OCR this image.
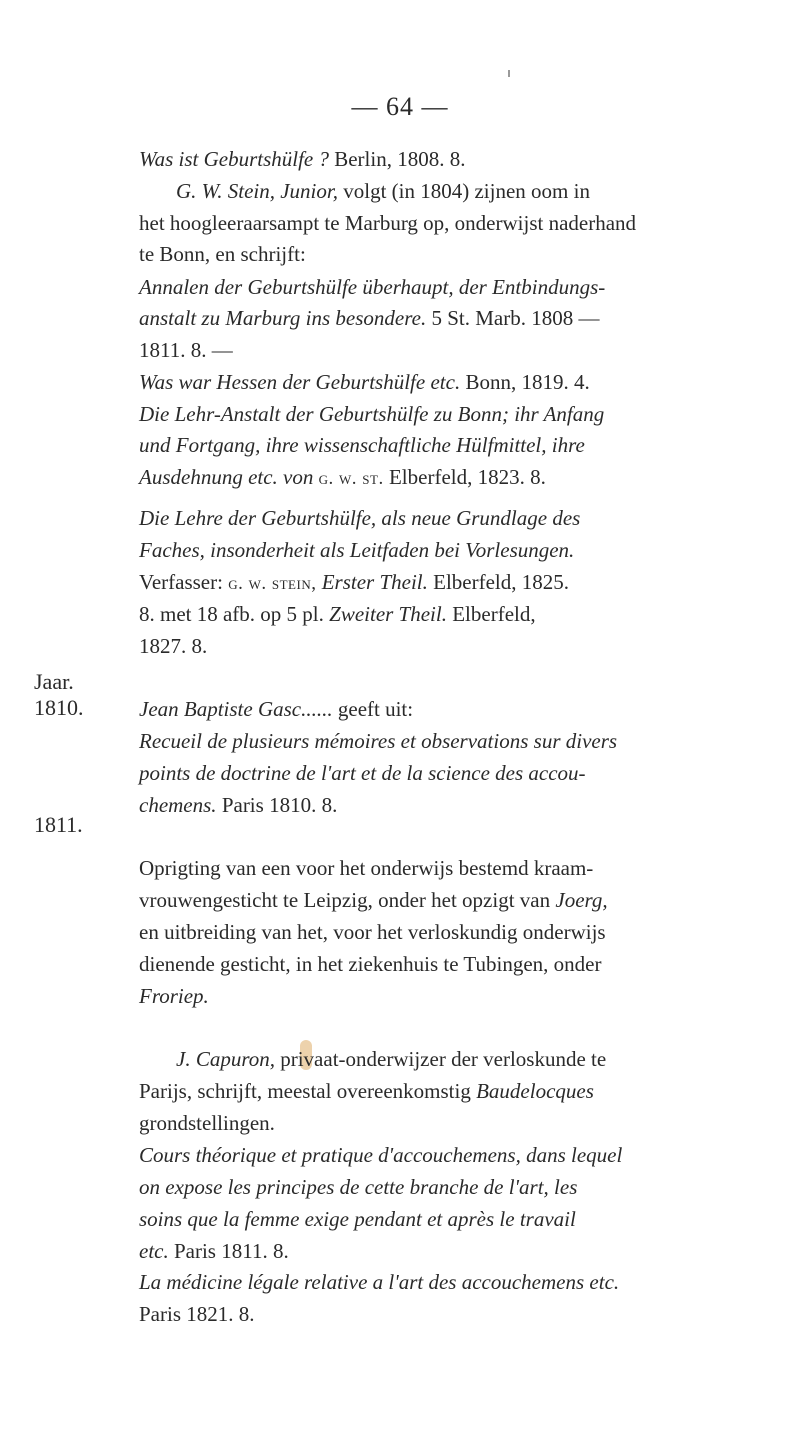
— 64 —
Jaar.
1810.
1811.
Was ist Geburtshülfe ? Berlin, 1808. 8.
G. W. Stein, Junior, volgt (in 1804) zijnen oom in
het hoogleeraarsampt te Marburg op, onderwijst naderhand
te Bonn, en schrijft:
Annalen der Geburtshülfe überhaupt, der Entbindungs-
anstalt zu Marburg ins besondere. 5 St. Marb. 1808 —
1811. 8. —
Was war Hessen der Geburtshülfe etc. Bonn, 1819. 4.
Die Lehr-Anstalt der Geburtshülfe zu Bonn; ihr Anfang
und Fortgang, ihre wissenschaftliche Hülfmittel, ihre
Ausdehnung etc. von g. w. st. Elberfeld, 1823. 8.
Die Lehre der Geburtshülfe, als neue Grundlage des
Faches, insonderheit als Leitfaden bei Vorlesungen.
Verfasser: g. w. stein, Erster Theil. Elberfeld, 1825.
8. met 18 afb. op 5 pl. Zweiter Theil. Elberfeld,
1827. 8.
Jean Baptiste Gasc...... geeft uit:
Recueil de plusieurs mémoires et observations sur divers
points de doctrine de l'art et de la science des accou-
chemens. Paris 1810. 8.
Oprigting van een voor het onderwijs bestemd kraam-
vrouwengesticht te Leipzig, onder het opzigt van Joerg,
en uitbreiding van het, voor het verloskundig onderwijs
dienende gesticht, in het ziekenhuis te Tubingen, onder
Froriep.
J. Capuron, privaat-onderwijzer der verloskunde te
Parijs, schrijft, meestal overeenkomstig Baudelocques
grondstellingen.
Cours théorique et pratique d'accouchemens, dans lequel
on expose les principes de cette branche de l'art, les
soins que la femme exige pendant et après le travail
etc. Paris 1811. 8.
La médicine légale relative a l'art des accouchemens etc.
Paris 1821. 8.
